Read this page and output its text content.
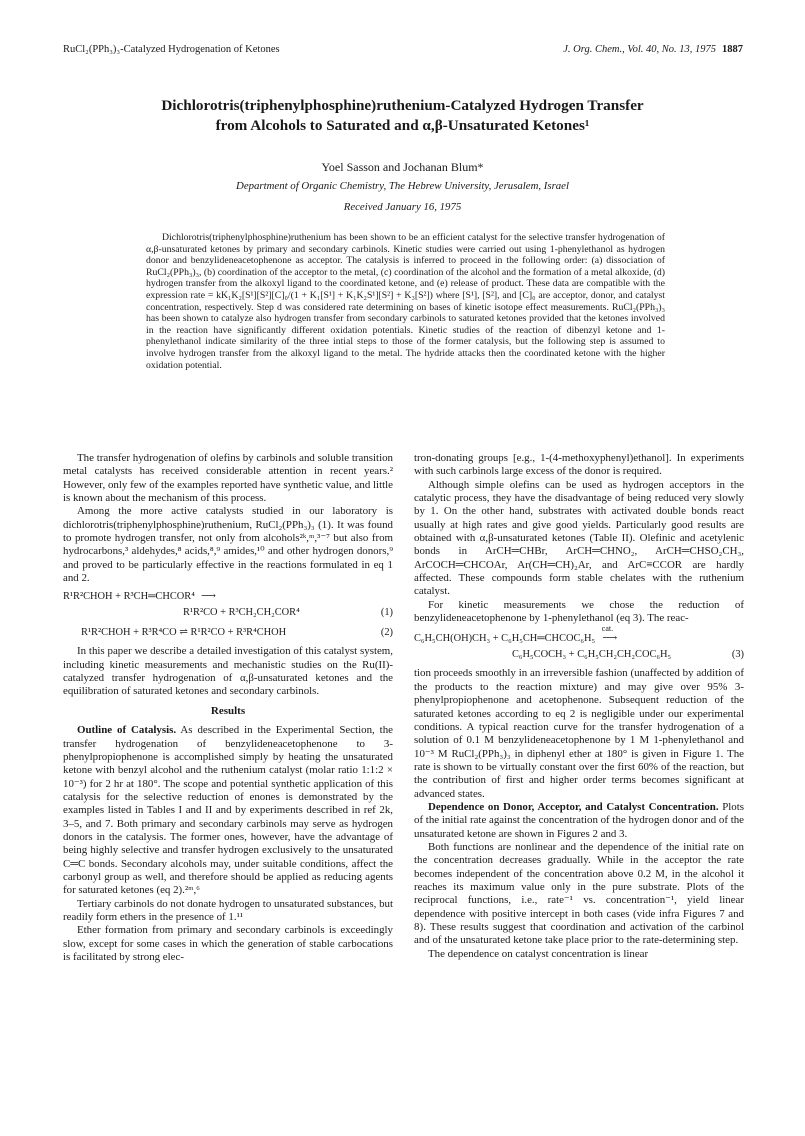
RuCl₂(PPh₃)₃-Catalyzed Hydrogenation of Ketones	J. Org. Chem., Vol. 40, No. 13, 1975 1887
Dichlorotris(triphenylphosphine)ruthenium-Catalyzed Hydrogen Transfer
from Alcohols to Saturated and α,β-Unsaturated Ketones¹
Yoel Sasson and Jochanan Blum*
Department of Organic Chemistry, The Hebrew University, Jerusalem, Israel
Received January 16, 1975
Dichlorotris(triphenylphosphine)ruthenium has been shown to be an efficient catalyst for the selective transfer hydrogenation of α,β-unsaturated ketones by primary and secondary carbinols. Kinetic studies were carried out using 1-phenylethanol as hydrogen donor and benzylideneacetophenone as acceptor. The catalysis is inferred to proceed in the following order: (a) dissociation of RuCl₂(PPh₃)₃, (b) coordination of the acceptor to the metal, (c) coordination of the alcohol and the formation of a metal alkoxide, (d) hydrogen transfer from the alkoxyl ligand to the coordinated ketone, and (e) release of product. These data are compatible with the expression rate = kK₁K₂[S¹][S²][C]₀/(1 + K₁[S¹] + K₁K₂S¹][S²] + K₃[S²]) where [S¹], [S²], and [C]₀ are acceptor, donor, and catalyst concentration, respectively. Step d was considered rate determining on bases of kinetic isotope effect measurements. RuCl₂(PPh₃)₃ has been shown to catalyze also hydrogen transfer from secondary carbinols to saturated ketones provided that the ketones involved in the reaction have significantly different oxidation potentials. Kinetic studies of the reaction of dibenzyl ketone and 1-phenylethanol indicate similarity of the three intial steps to those of the former catalysis, but the following step is assumed to involve hydrogen transfer from the alkoxyl ligand to the metal. The hydride attacks then the coordinated ketone with the higher oxidation potential.

The transfer hydrogenation of olefins by carbinols and soluble transition metal catalysts has received considerable attention in recent years.² However, only few of the examples reported have synthetic value, and little is known about the mechanism of this process.

Among the more active catalysts studied in our laboratory is dichlorotris(triphenylphosphine)ruthenium, RuCl₂(PPh₃)₃ (1). It was found to promote hydrogen transfer, not only from alcohols²ᵏ,ᵐ,³⁻⁷ but also from hydrocarbons,³ aldehydes,⁸ acids,⁸,⁹ amides,¹⁰ and other hydrogen donors,⁹ and proved to be particularly effective in the reactions formulated in eq 1 and 2.

R¹R²CHOH + R³CH═CHCOR⁴ ⟶
R¹R²CO + R³CH₂CH₂COR⁴	(1)
R¹R²CHOH + R³R⁴CO ⇌ R¹R²CO + R³R⁴CHOH	(2)

In this paper we describe a detailed investigation of this catalyst system, including kinetic measurements and mechanistic studies on the Ru(II)-catalyzed transfer hydrogenation of α,β-unsaturated ketones and the equilibration of saturated ketones and secondary carbinols.

Results

Outline of Catalysis. As described in the Experimental Section, the transfer hydrogenation of benzylideneacetophenone to 3-phenylpropiophenone is accomplished simply by heating the unsaturated ketone with benzyl alcohol and the ruthenium catalyst (molar ratio 1:1:2 × 10⁻³) for 2 hr at 180°. The scope and potential synthetic application of this catalysis for the selective reduction of enones is demonstrated by the examples listed in Tables I and II and by experiments described in ref 2k, 3–5, and 7. Both primary and secondary carbinols may serve as hydrogen donors in the catalysis. The former ones, however, have the advantage of being highly selective and transfer hydrogen exclusively to the unsaturated C═C bonds. Secondary alcohols may, under suitable conditions, affect the carbonyl group as well, and therefore should be applied as reducing agents for saturated ketones (eq 2).²ᵐ,⁶

Tertiary carbinols do not donate hydrogen to unsaturated substances, but readily form ethers in the presence of 1.¹¹

Ether formation from primary and secondary carbinols is exceedingly slow, except for some cases in which the generation of stable carbocations is facilitated by strong elec-

tron-donating groups [e.g., 1-(4-methoxyphenyl)ethanol]. In experiments with such carbinols large excess of the donor is required.

Although simple olefins can be used as hydrogen acceptors in the catalytic process, they have the disadvantage of being reduced very slowly by 1. On the other hand, substrates with activated double bonds react usually at high rates and give good yields. Particularly good results are obtained with α,β-unsaturated ketones (Table II). Olefinic and acetylenic bonds in ArCH═CHBr, ArCH═CHNO₂, ArCH═CHSO₂CH₃, ArCOCH═CHCOAr, Ar(CH═CH)₂Ar, and ArC≡CCOR are hardly affected. These compounds form stable chelates with the ruthenium catalyst.

For kinetic measurements we chose the reduction of benzylideneacetophenone by 1-phenylethanol (eq 3). The reac-

C₆H₅CH(OH)CH₃ + C₆H₅CH═CHCOC₆H₅
cat.
⟶
C₆H₅COCH₃ + C₆H₅CH₂CH₂COC₆H₅	(3)

tion proceeds smoothly in an irreversible fashion (unaffected by addition of the products to the reaction mixture) and may give over 95% 3-phenylpropiophenone and acetophenone. Subsequent reduction of the saturated ketones according to eq 2 is negligible under our experimental conditions. A typical reaction curve for the transfer hydrogenation of a solution of 0.1 M benzylideneacetophenone by 1 M 1-phenylethanol and 10⁻³ M RuCl₂(PPh₃)₃ in diphenyl ether at 180° is given in Figure 1. The rate is shown to be virtually constant over the first 60% of the reaction, but the contribution of first and higher order terms becomes significant at advanced states.

Dependence on Donor, Acceptor, and Catalyst Concentration. Plots of the initial rate against the concentration of the hydrogen donor and of the unsaturated ketone are shown in Figures 2 and 3.

Both functions are nonlinear and the dependence of the initial rate on the concentration decreases gradually. While in the acceptor the rate becomes independent of the concentration above 0.2 M, in the alcohol it reaches its maximum value only in the pure substrate. Plots of the reciprocal functions, i.e., rate⁻¹ vs. concentration⁻¹, yield linear dependence with positive intercept in both cases (vide infra Figures 7 and 8). These results suggest that coordination and activation of the carbinol and of the unsaturated ketone take place prior to the rate-determining step.

The dependence on catalyst concentration is linear
